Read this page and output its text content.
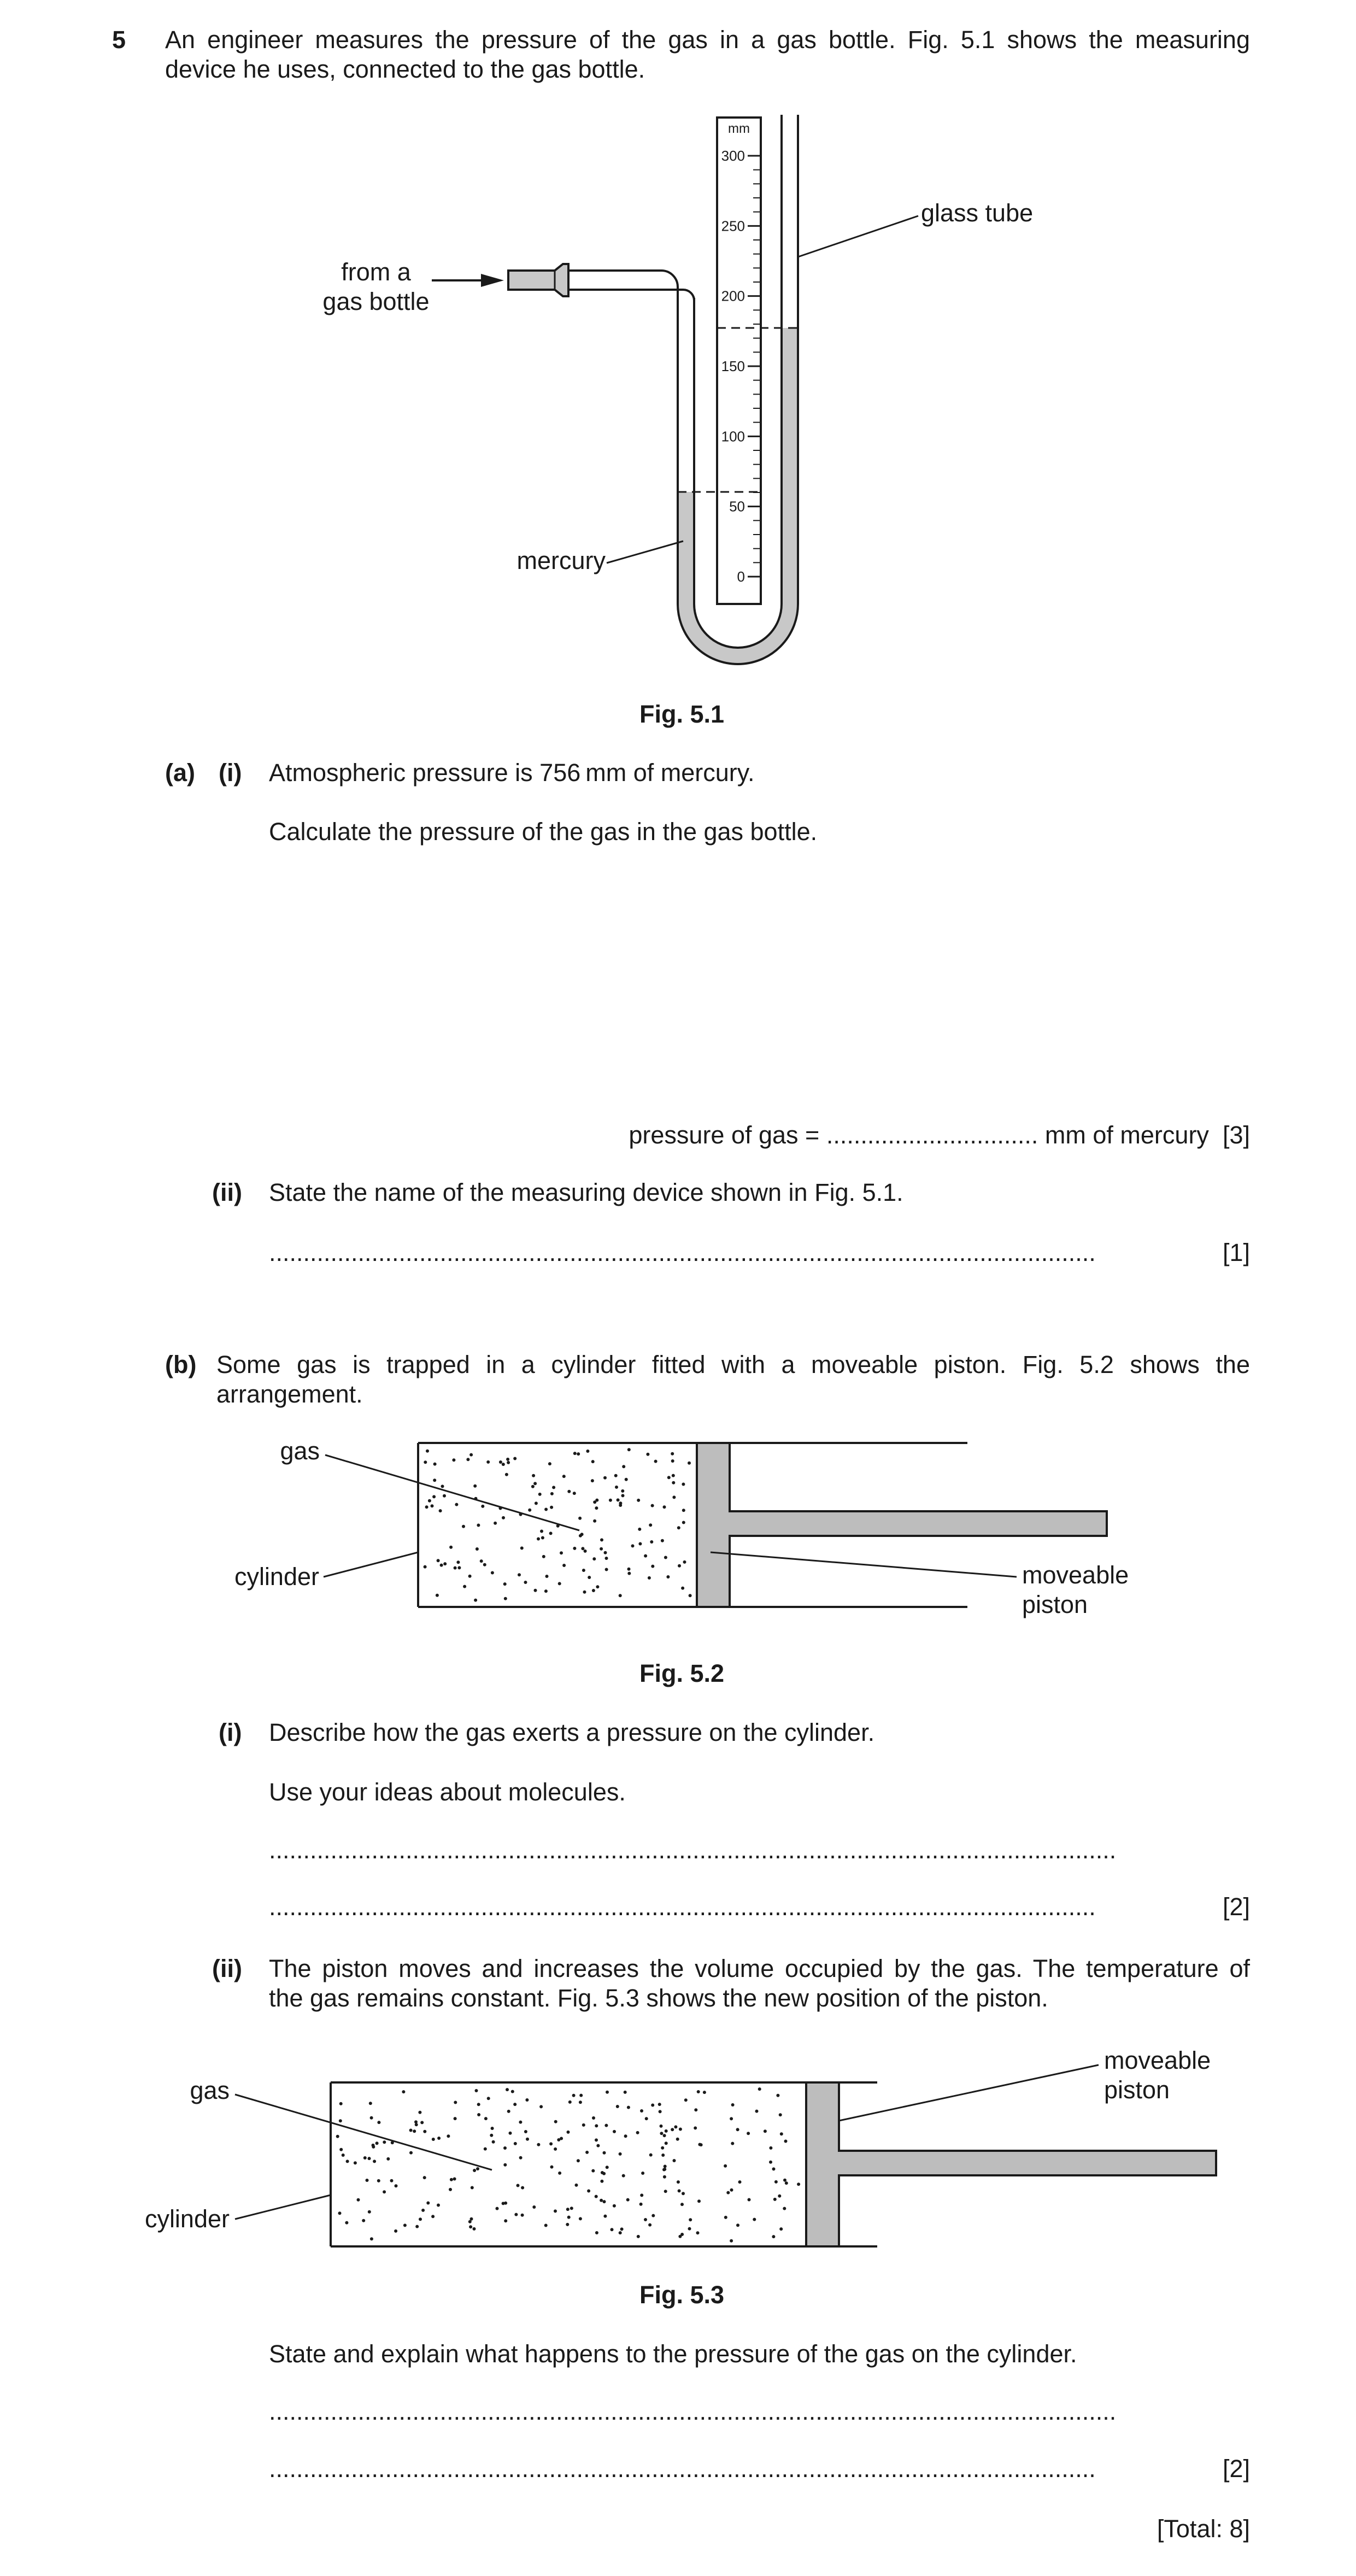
5 An engineer measures the pressure of the gas in a gas bottle. Fig. 5.1 shows the measuring
device he uses, connected to the gas bottle.
mm
300
250
200
150
100
50
0
glass tube
from a
gas bottle
mercury
Fig. 5.1
(a) (i) Atmospheric pressure is 756 mm of mercury.
Calculate the pressure of the gas in the gas bottle.
pressure of gas = ............................... mm of mercury [3]
(ii) State the name of the measuring device shown in Fig. 5.1.
.........................................................................................................................
	[1]
(b) Some gas is trapped in a cylinder fitted with a moveable piston. Fig. 5.2 shows the
arrangement.
gas
cylinder	moveable
piston
Fig. 5.2
(i) Describe how the gas exerts a pressure on the cylinder.
Use your ideas about molecules.
............................................................................................................................
.........................................................................................................................
	[2]
(ii) The piston moves and increases the volume occupied by the gas. The temperature of
the gas remains constant. Fig. 5.3 shows the new position of the piston.
gas
cylinder
moveable
piston
Fig. 5.3
State and explain what happens to the pressure of the gas on the cylinder.
............................................................................................................................
.........................................................................................................................
	[2]
[Total: 8]
